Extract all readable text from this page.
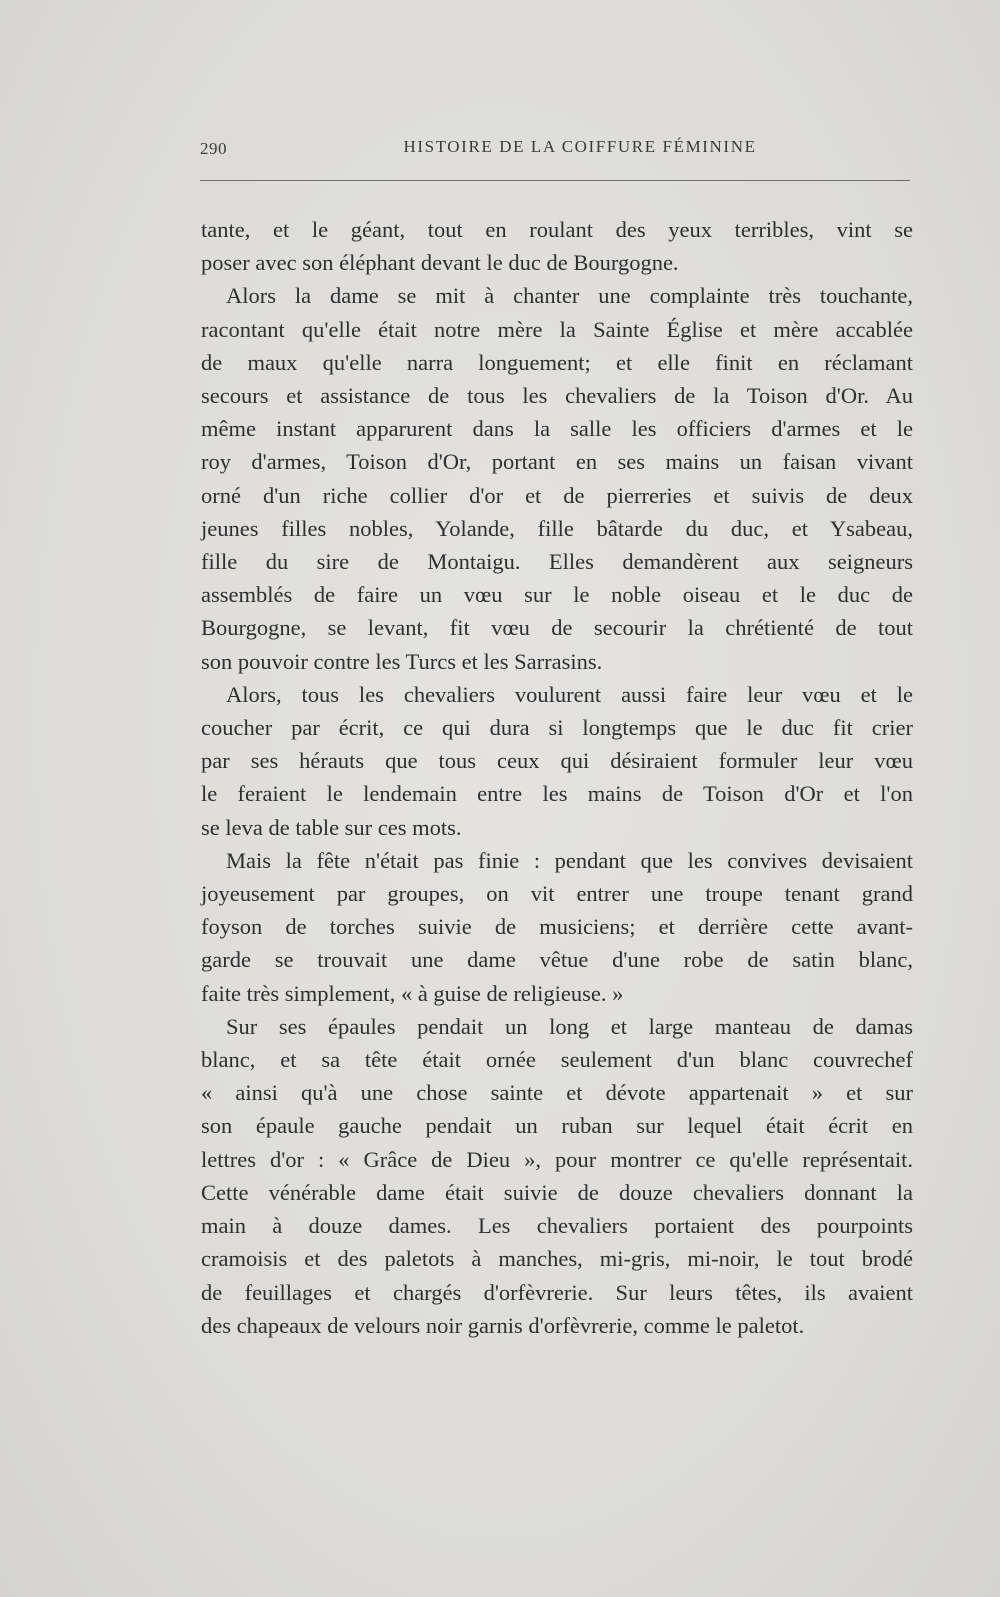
290	HISTOIRE DE LA COIFFURE FÉMININE

tante, et le géant, tout en roulant des yeux terribles, vint se

poser avec son éléphant devant le duc de Bourgogne.

Alors la dame se mit à chanter une complainte très touchante,

racontant qu'elle était notre mère la Sainte Église et mère accablée

de maux qu'elle narra longuement; et elle finit en réclamant

secours et assistance de tous les chevaliers de la Toison d'Or. Au

même instant apparurent dans la salle les officiers d'armes et le

roy d'armes, Toison d'Or, portant en ses mains un faisan vivant

orné d'un riche collier d'or et de pierreries et suivis de deux

jeunes filles nobles, Yolande, fille bâtarde du duc, et Ysabeau,

fille du sire de Montaigu. Elles demandèrent aux seigneurs

assemblés de faire un vœu sur le noble oiseau et le duc de

Bourgogne, se levant, fit vœu de secourir la chrétienté de tout

son pouvoir contre les Turcs et les Sarrasins.

Alors, tous les chevaliers voulurent aussi faire leur vœu et le

coucher par écrit, ce qui dura si longtemps que le duc fit crier

par ses hérauts que tous ceux qui désiraient formuler leur vœu

le feraient le lendemain entre les mains de Toison d'Or et l'on

se leva de table sur ces mots.

Mais la fête n'était pas finie : pendant que les convives devisaient

joyeusement par groupes, on vit entrer une troupe tenant grand

foyson de torches suivie de musiciens; et derrière cette avant-

garde se trouvait une dame vêtue d'une robe de satin blanc,

faite très simplement, « à guise de religieuse. »

Sur ses épaules pendait un long et large manteau de damas

blanc, et sa tête était ornée seulement d'un blanc couvrechef

« ainsi qu'à une chose sainte et dévote appartenait » et sur

son épaule gauche pendait un ruban sur lequel était écrit en

lettres d'or : « Grâce de Dieu », pour montrer ce qu'elle représentait.

Cette vénérable dame était suivie de douze chevaliers donnant la

main à douze dames. Les chevaliers portaient des pourpoints

cramoisis et des paletots à manches, mi-gris, mi-noir, le tout brodé

de feuillages et chargés d'orfèvrerie. Sur leurs têtes, ils avaient

des chapeaux de velours noir garnis d'orfèvrerie, comme le paletot.
